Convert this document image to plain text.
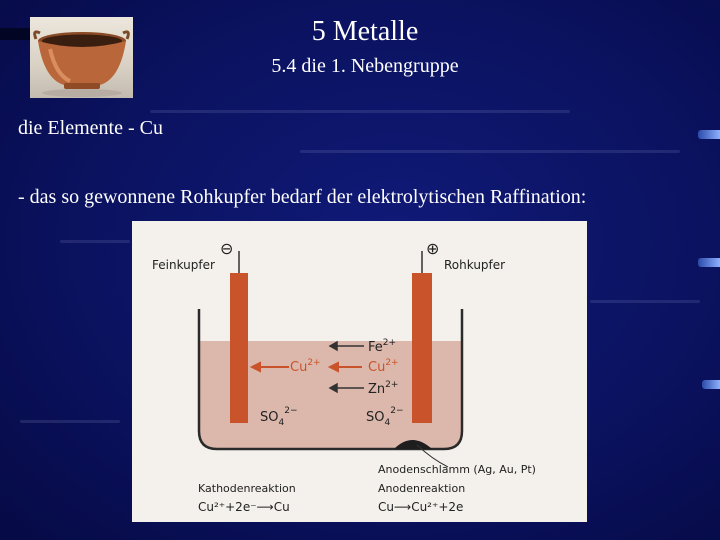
5 Metalle
5.4 die 1. Nebengruppe
die Elemente - Cu
- das so gewonnene Rohkupfer bedarf der elektrolytischen Raffination:
Feinkupfer	Rohkupfer
⊖	⊕
$Fe^{2+}$
$Cu^{2+}$	$Cu^{2+}$
$Zn^{2+}$
$SO_4^{2-}$	$SO_4^{2-}$
Anodenschlamm (Ag, Au, Pt)
Kathodenreaktion
Cu²⁺+2e⁻⟶Cu
Anodenreaktion
Cu⟶Cu²⁺+2e
